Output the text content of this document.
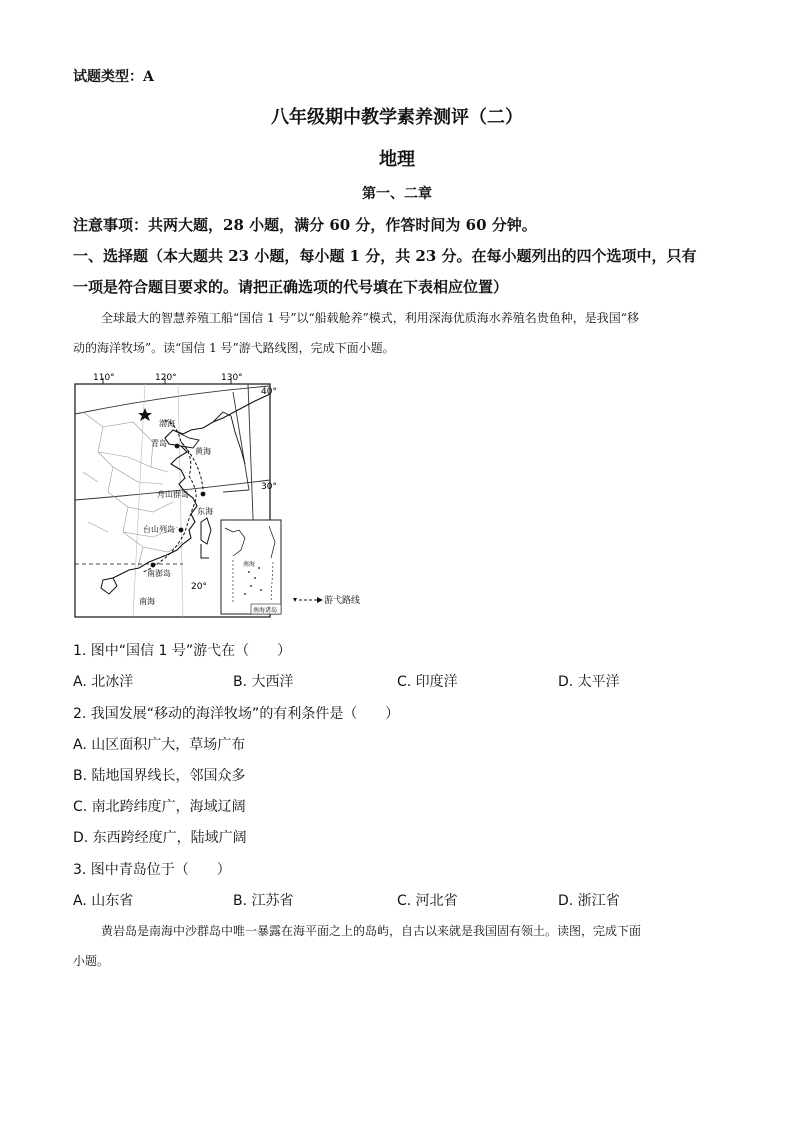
试题类型：A
八年级期中教学素养测评（二）
地理
第一、二章
注意事项：共两大题，28 小题，满分 60 分，作答时间为 60 分钟。
一、选择题（本大题共 23 小题，每小题 1 分，共 23 分。在每小题列出的四个选项中，只有
一项是符合题目要求的。请把正确选项的代号填在下表相应位置）
全球最大的智慧养殖工船“国信 1 号”以“船载舱养”模式，利用深海优质海水养殖名贵鱼种，是我国“移
动的海洋牧场”。读“国信 1 号”游弋路线图，完成下面小题。
110°	120°	130°
40°
30°
20°
渤海
青岛
黄海
舟山群岛
东海
台山列岛
南澎岛
南海
南海
南海诸岛
游弋路线
1. 图中“国信 1 号”游弋在（　　）
A. 北冰洋	B. 大西洋	C. 印度洋	D. 太平洋
2. 我国发展“移动的海洋牧场”的有利条件是（　　）
A. 山区面积广大，草场广布
B. 陆地国界线长，邻国众多
C. 南北跨纬度广，海域辽阔
D. 东西跨经度广，陆域广阔
3. 图中青岛位于（　　）
A. 山东省	B. 江苏省	C. 河北省	D. 浙江省
黄岩岛是南海中沙群岛中唯一暴露在海平面之上的岛屿，自古以来就是我国固有领土。读图，完成下面
小题。
